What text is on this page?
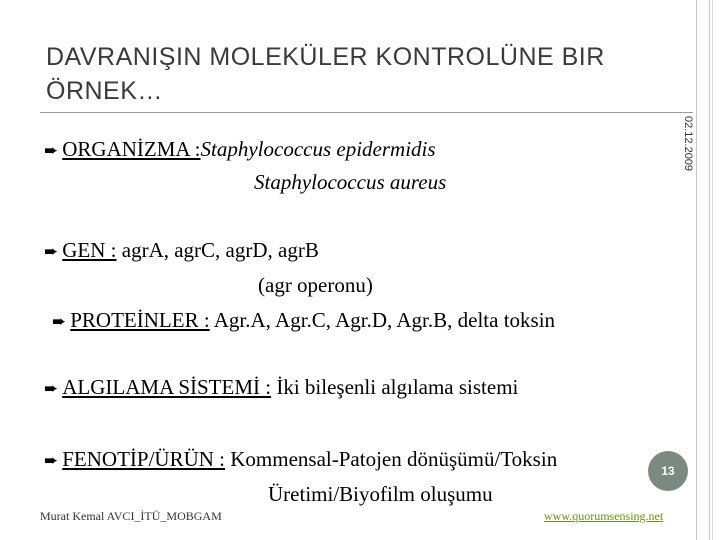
DAVRANIŞIN MOLEKÜLER KONTROLÜNE BIR
ÖRNEK…
02.12.2009
➨ ORGANİZMA :Staphylococcus epidermidis
Staphylococcus aureus
➨ GEN : agrA, agrC, agrD, agrB
(agr operonu)
➨ PROTEİNLER : Agr.A, Agr.C, Agr.D, Agr.B, delta toksin
➨ ALGILAMA SİSTEMİ : İki bileşenli algılama sistemi
➨ FENOTİP/ÜRÜN : Kommensal-Patojen dönüşümü/Toksin
Üretimi/Biyofilm oluşumu
13
Murat Kemal AVCI_İTÜ_MOBGAM	www.quorumsensing.net
